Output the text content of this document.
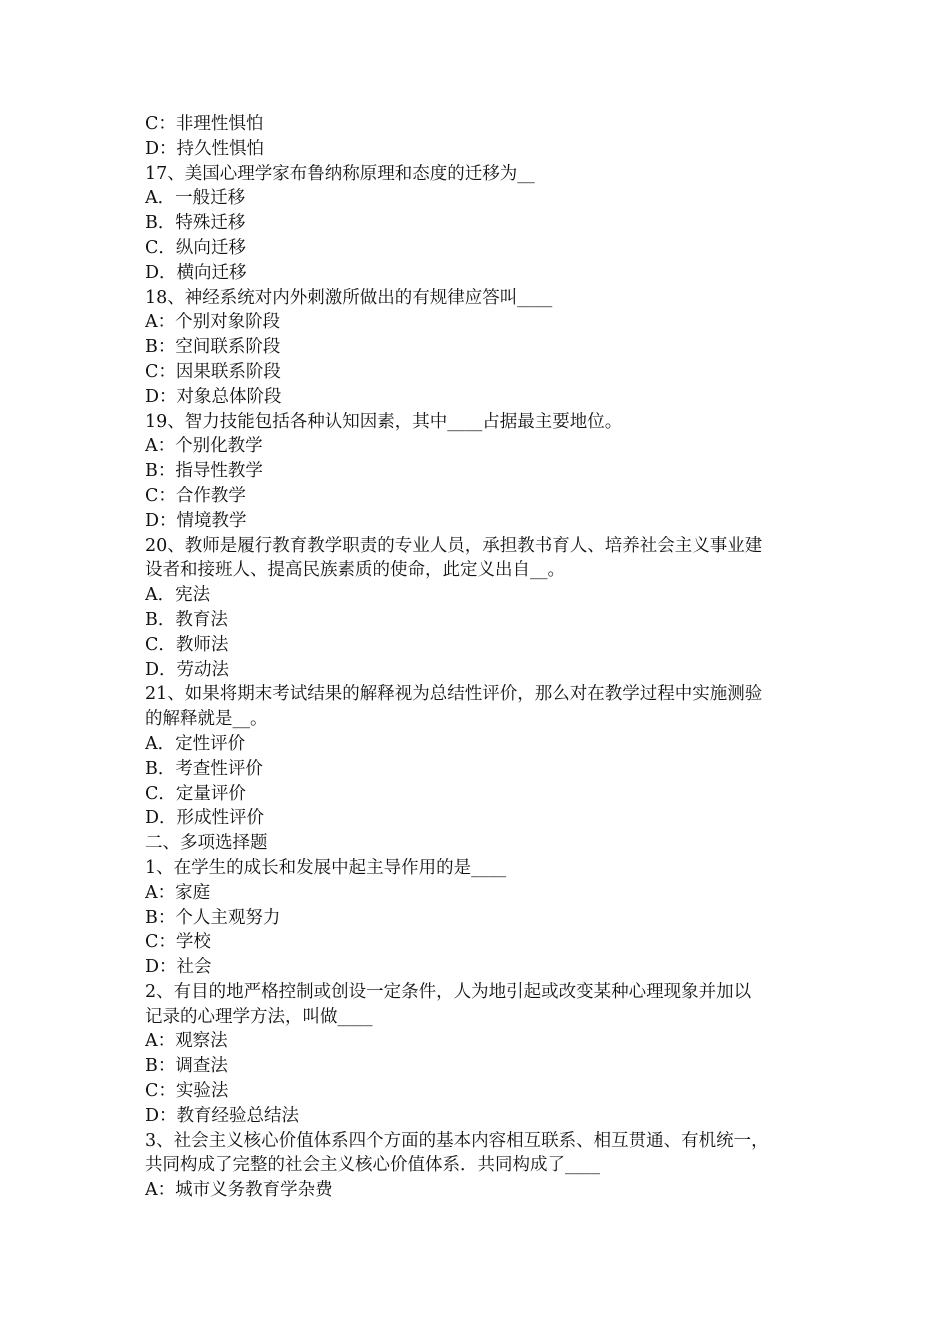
C：非理性惧怕
D：持久性惧怕
17、美国心理学家布鲁纳称原理和态度的迁移为__
A．一般迁移
B．特殊迁移
C．纵向迁移
D．横向迁移
18、神经系统对内外刺激所做出的有规律应答叫____
A：个别对象阶段
B：空间联系阶段
C：因果联系阶段
D：对象总体阶段
19、智力技能包括各种认知因素，其中____占据最主要地位。
A：个别化教学
B：指导性教学
C：合作教学
D：情境教学
20、教师是履行教育教学职责的专业人员，承担教书育人、培养社会主义事业建
设者和接班人、提高民族素质的使命，此定义出自__。
A．宪法
B．教育法
C．教师法
D．劳动法
21、如果将期末考试结果的解释视为总结性评价，那么对在教学过程中实施测验
的解释就是__。
A．定性评价
B．考查性评价
C．定量评价
D．形成性评价
二、多项选择题
1、在学生的成长和发展中起主导作用的是____
A：家庭
B：个人主观努力
C：学校
D：社会
2、有目的地严格控制或创设一定条件，人为地引起或改变某种心理现象并加以
记录的心理学方法，叫做____
A：观察法
B：调查法
C：实验法
D：教育经验总结法
3、社会主义核心价值体系四个方面的基本内容相互联系、相互贯通、有机统一，
共同构成了完整的社会主义核心价值体系．共同构成了____
A：城市义务教育学杂费
